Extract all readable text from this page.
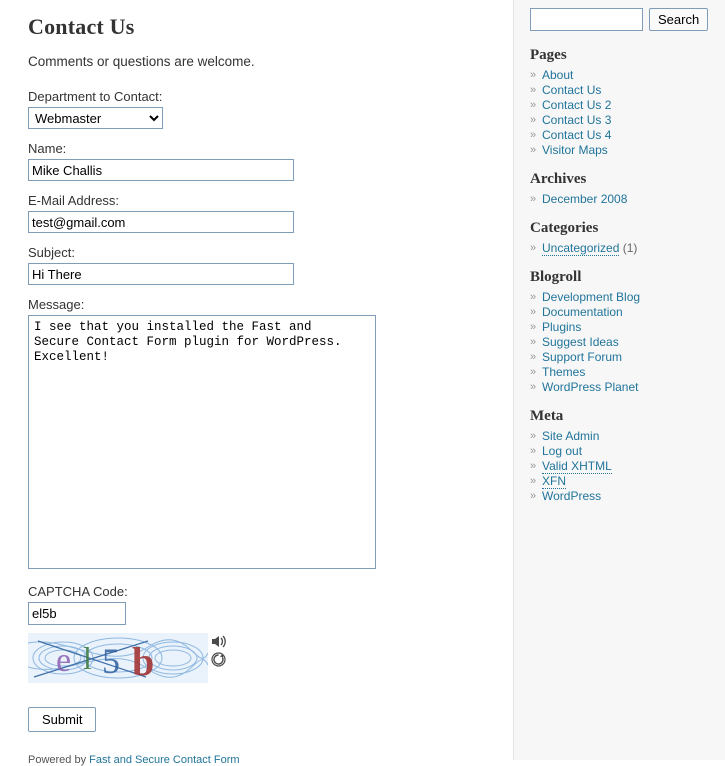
Contact Us
Comments or questions are welcome.
Department to Contact:
Webmaster
Name:
Mike Challis
E-Mail Address:
test@gmail.com
Subject:
Hi There
Message:
I see that you installed the Fast and Secure Contact Form plugin for WordPress. Excellent!
CAPTCHA Code:
el5b
e l 5 b
Submit
Powered by Fast and Secure Contact Form
Search
Pages
» About
» Contact Us
» Contact Us 2
» Contact Us 3
» Contact Us 4
» Visitor Maps
Archives
» December 2008
Categories
» Uncategorized (1)
Blogroll
» Development Blog
» Documentation
» Plugins
» Suggest Ideas
» Support Forum
» Themes
» WordPress Planet
Meta
» Site Admin
» Log out
» Valid XHTML
» XFN
» WordPress
